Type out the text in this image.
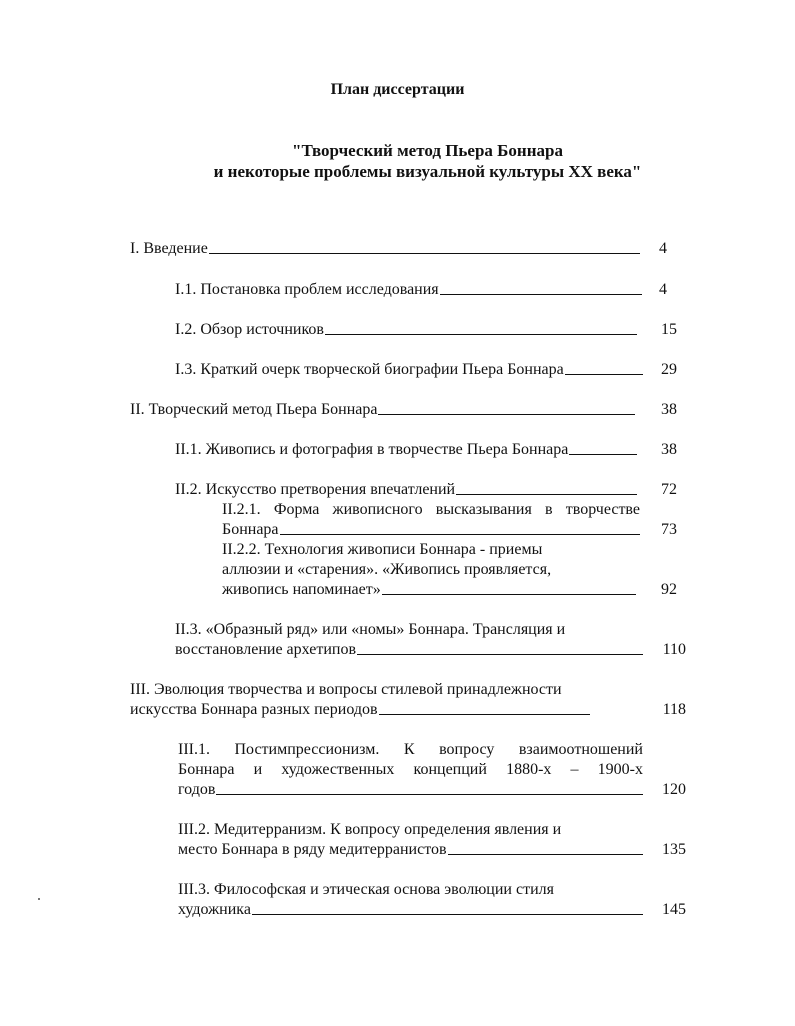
План диссертации
"Творческий метод Пьера Боннара
и некоторые проблемы визуальной культуры XX века"
I. Введение	4
I.1. Постановка проблем исследования	4
I.2. Обзор источников	15
I.3. Краткий очерк творческой биографии Пьера Боннара	29
II. Творческий метод Пьера Боннара	38
II.1. Живопись и фотография в творчестве Пьера Боннара	38
II.2. Искусство претворения впечатлений	72
II.2.1. Форма живописного высказывания в творчестве
Боннара	73
II.2.2. Технология живописи Боннара - приемы
аллюзии и «старения». «Живопись проявляется,
живопись напоминает»	92
II.3. «Образный ряд» или «номы» Боннара. Трансляция и
восстановление архетипов	110
III. Эволюция творчества и вопросы стилевой принадлежности
искусства Боннара разных периодов	118
III.1. Постимпрессионизм. К вопросу взаимоотношений
Боннара и художественных концепций 1880-х – 1900-х
годов	120
III.2. Медитерранизм. К вопросу определения явления и
место Боннара в ряду медитерранистов	135
III.3. Философская и этическая основа эволюции стиля
художника	145
